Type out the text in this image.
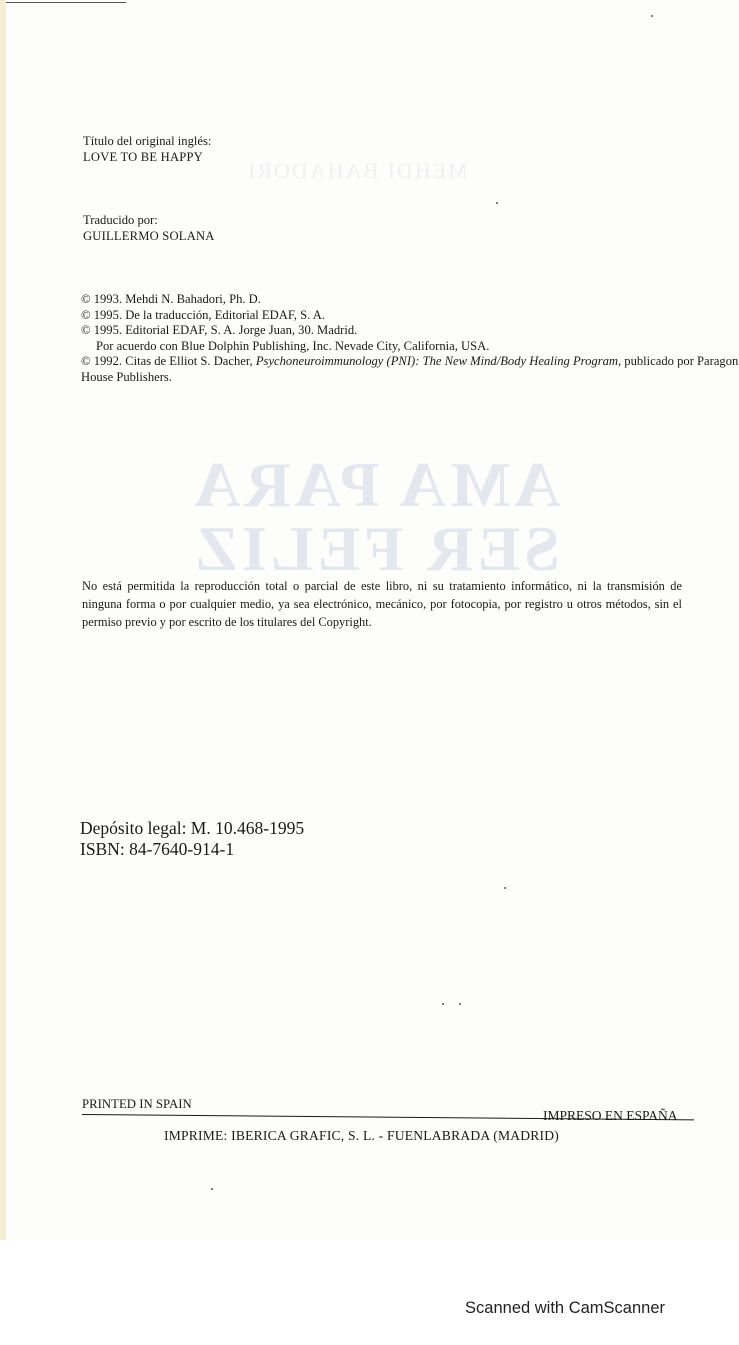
MEHDI BAHADORI
AMA PARA
SER FELIZ

Título del original inglés:

LOVE TO BE HAPPY

Traducido por:

GUILLERMO SOLANA

© 1993. Mehdi N. Bahadori, Ph. D.

© 1995. De la traducción, Editorial EDAF, S. A.

© 1995. Editorial EDAF, S. A. Jorge Juan, 30. Madrid.

Por acuerdo con Blue Dolphin Publishing, Inc. Nevade City, California, USA.

© 1992. Citas de Elliot S. Dacher, Psychoneuroimmunology (PNI): The New Mind/Body Healing Program, publicado por Paragon House Publishers.

No está permitida la reproducción total o parcial de este libro, ni su tratamiento informático, ni la transmisión de ninguna forma o por cualquier medio, ya sea electrónico, mecánico, por fotocopia, por registro u otros métodos, sin el permiso previo y por escrito de los titulares del Copyright.

Depósito legal: M. 10.468-1995

ISBN: 84-7640-914-1

PRINTED IN SPAIN
IMPRESO EN ESPAÑA
IMPRIME: IBERICA GRAFIC, S. L. - FUENLABRADA (MADRID)
Scanned with CamScanner
